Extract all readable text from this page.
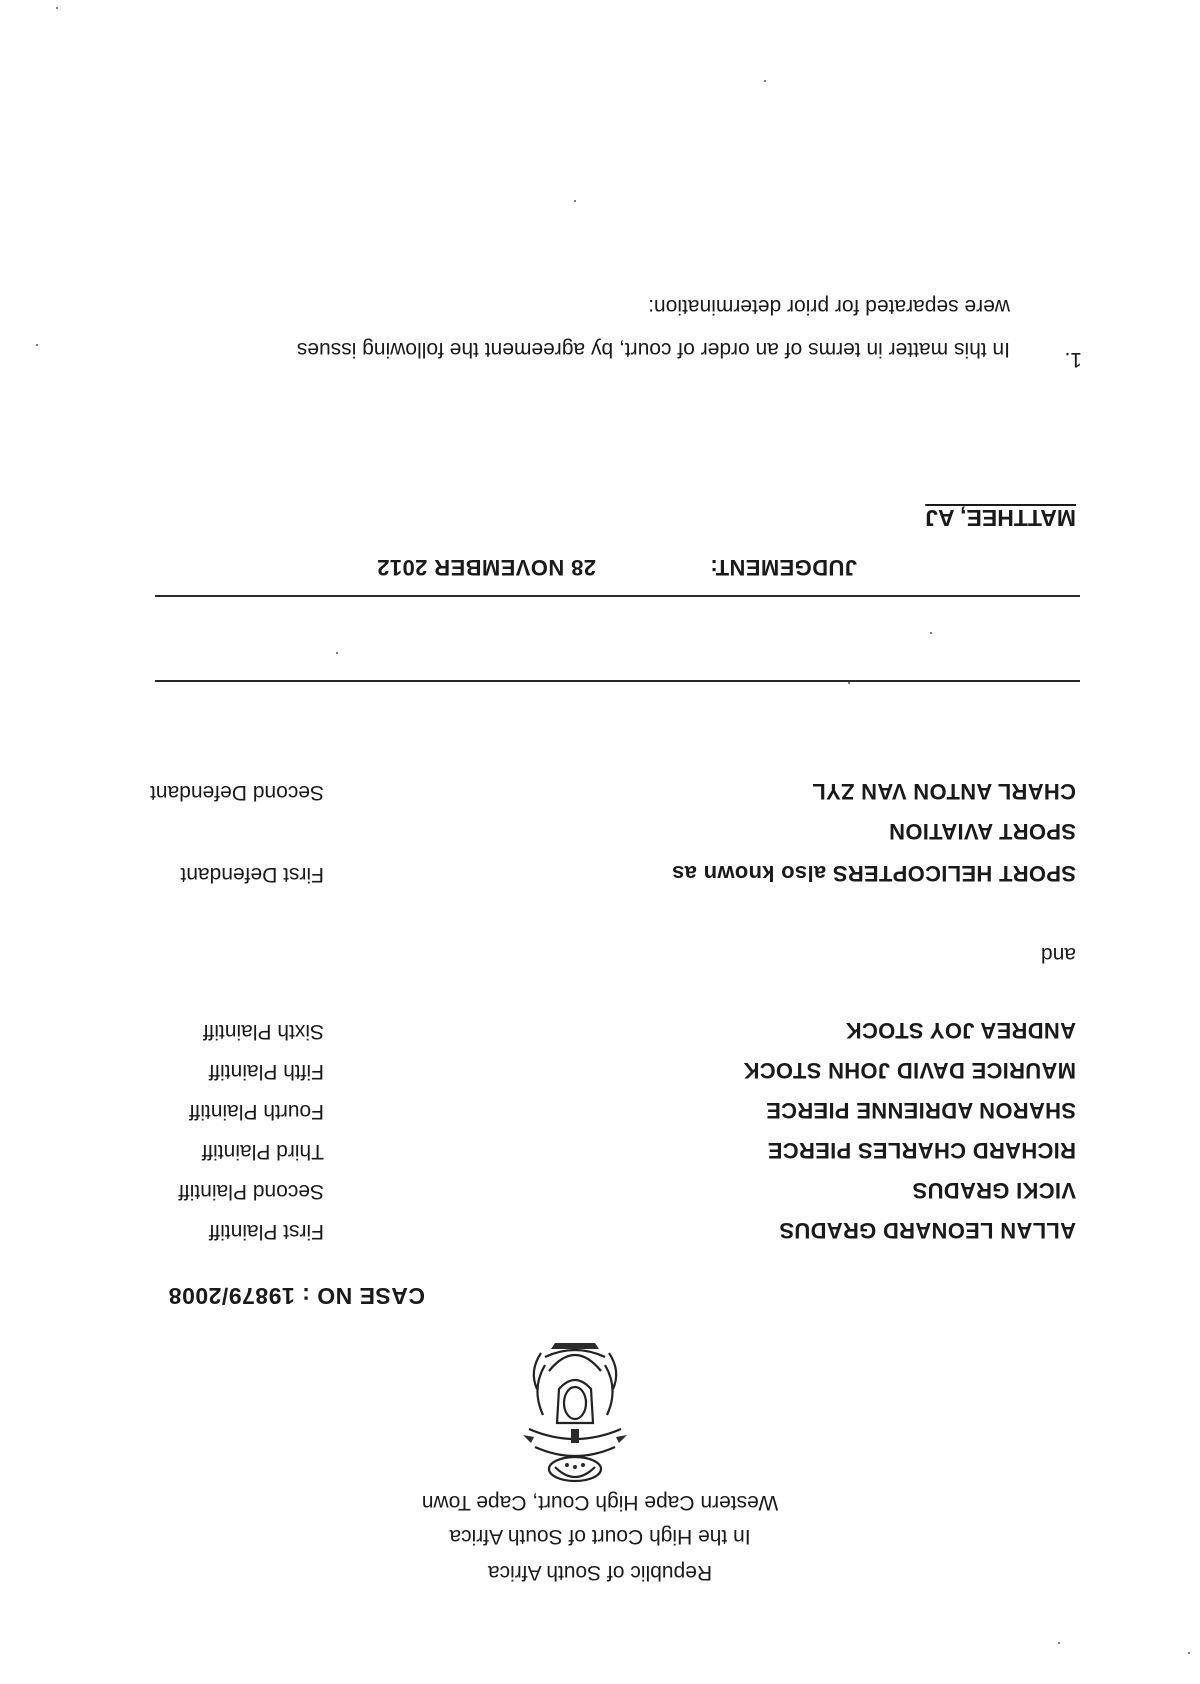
Republic of South Africa
In the High Court of South Africa
Western Cape High Court, Cape Town
CASE NO : 19879/2008
ALLAN LEONARD GRADUS
First Plaintiff
VICKI GRADUS
Second Plaintiff
RICHARD CHARLES PIERCE
Third Plaintiff
SHARON ADRIENNE PIERCE
Fourth Plaintiff
MAURICE DAVID JOHN STOCK
Fifth Plaintiff
ANDREA JOY STOCK
Sixth Plaintiff
and
SPORT HELICOPTERS also known as
First Defendant
SPORT AVIATION
CHARL ANTON VAN ZYL
Second Defendant
JUDGEMENT:
28 NOVEMBER 2012
MATTHEE, AJ
1.
In this matter in terms of an order of court, by agreement the following issues
were separated for prior determination:
